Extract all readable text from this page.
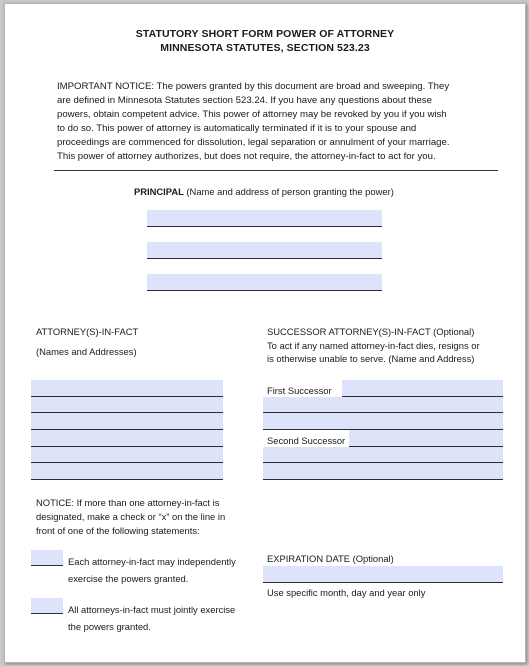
STATUTORY SHORT FORM POWER OF ATTORNEY
MINNESOTA STATUTES, SECTION 523.23
IMPORTANT NOTICE: The powers granted by this document are broad and sweeping. They
are defined in Minnesota Statutes section 523.24. If you have any questions about these
powers, obtain competent advice. This power of attorney may be revoked by you if you wish
to do so. This power of attorney is automatically terminated if it is to your spouse and
proceedings are commenced for dissolution, legal separation or annulment of your marriage.
This power of attorney authorizes, but does not require, the attorney-in-fact to act for you.
PRINCIPAL (Name and address of person granting the power)
ATTORNEY(S)-IN-FACT
(Names and Addresses)
SUCCESSOR ATTORNEY(S)-IN-FACT (Optional)
To act if any named attorney-in-fact dies, resigns or
is otherwise unable to serve. (Name and Address)
First Successor
Second Successor
NOTICE: If more than one attorney-in-fact is
designated, make a check or “x” on the line in
front of one of the following statements:
Each attorney-in-fact may independently
exercise the powers granted.
All attorneys-in-fact must jointly exercise
the powers granted.
EXPIRATION DATE (Optional)
Use specific month, day and year only
